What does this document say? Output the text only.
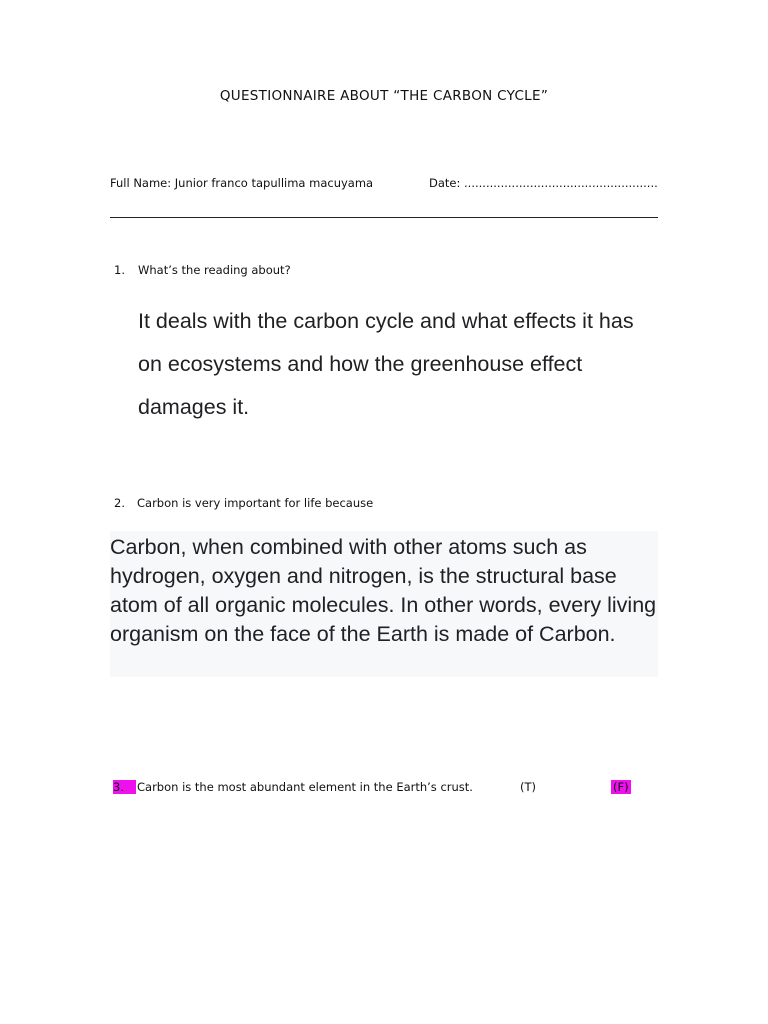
QUESTIONNAIRE ABOUT “THE CARBON CYCLE”
Full Name: Junior franco tapullima macuyama	Date: .....................................................
1. What’s the reading about?
It deals with the carbon cycle and what effects it has on ecosystems and how the greenhouse effect damages it.
2. Carbon is very important for life because
Carbon, when combined with other atoms such as hydrogen, oxygen and nitrogen, is the structural base atom of all organic molecules. In other words, every living organism on the face of the Earth is made of Carbon.
3.	Carbon is the most abundant element in the Earth’s crust.	(T)	(F)
